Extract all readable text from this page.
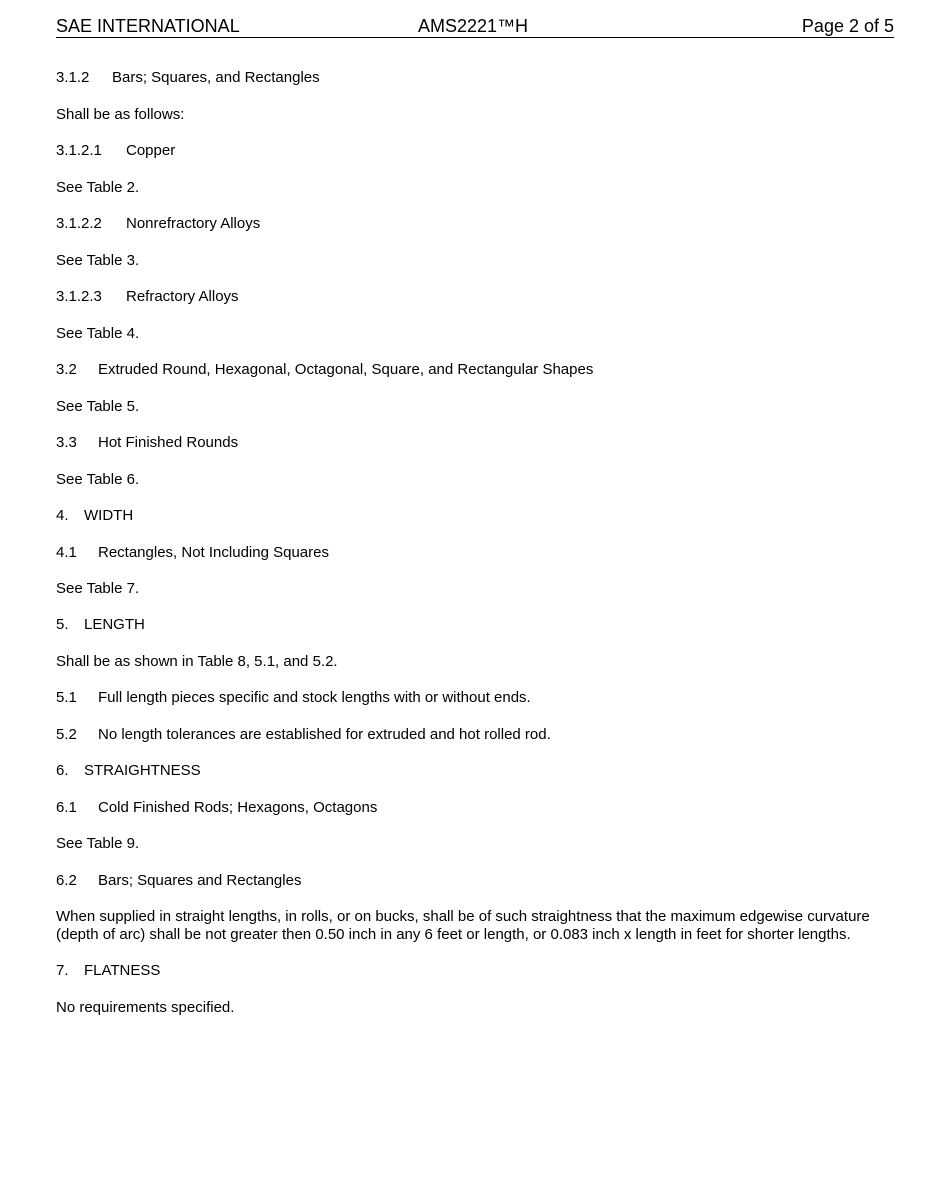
SAE INTERNATIONAL	AMS2221™H	Page 2 of 5
3.1.2 Bars; Squares, and Rectangles
Shall be as follows:
3.1.2.1 Copper
See Table 2.
3.1.2.2 Nonrefractory Alloys
See Table 3.
3.1.2.3 Refractory Alloys
See Table 4.
3.2 Extruded Round, Hexagonal, Octagonal, Square, and Rectangular Shapes
See Table 5.
3.3 Hot Finished Rounds
See Table 6.
4. WIDTH
4.1 Rectangles, Not Including Squares
See Table 7.
5. LENGTH
Shall be as shown in Table 8, 5.1, and 5.2.
5.1 Full length pieces specific and stock lengths with or without ends.
5.2 No length tolerances are established for extruded and hot rolled rod.
6. STRAIGHTNESS
6.1 Cold Finished Rods; Hexagons, Octagons
See Table 9.
6.2 Bars; Squares and Rectangles
When supplied in straight lengths, in rolls, or on bucks, shall be of such straightness that the maximum edgewise curvature (depth of arc) shall be not greater then 0.50 inch in any 6 feet or length, or 0.083 inch x length in feet for shorter lengths.
7. FLATNESS
No requirements specified.
